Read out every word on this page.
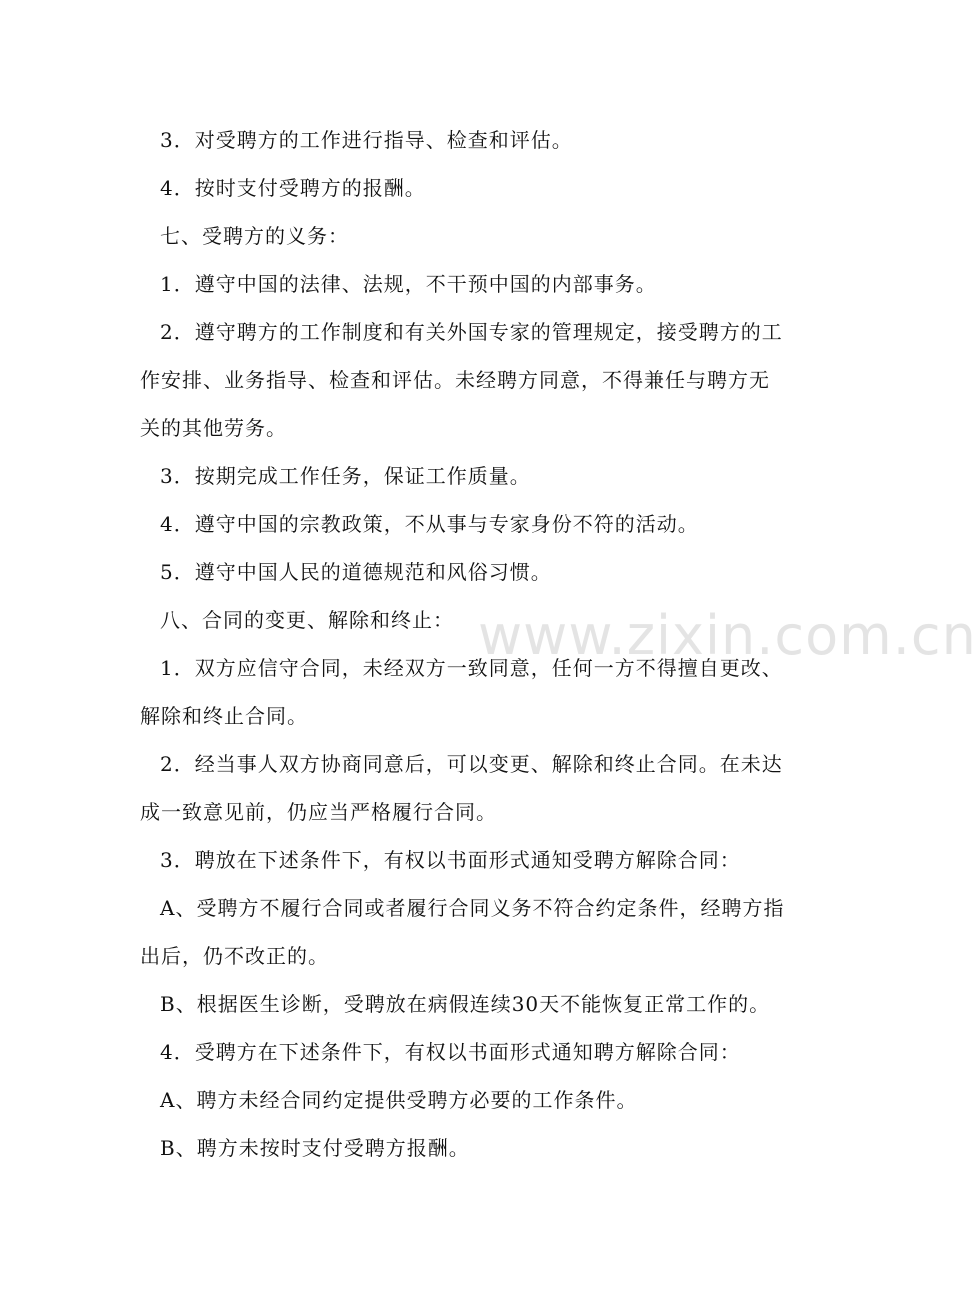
3．对受聘方的工作进行指导、检查和评估。

4．按时支付受聘方的报酬。

七、受聘方的义务：

1．遵守中国的法律、法规，不干预中国的内部事务。

2．遵守聘方的工作制度和有关外国专家的管理规定，接受聘方的工作安排、业务指导、检查和评估。未经聘方同意，不得兼任与聘方无关的其他劳务。

3．按期完成工作任务，保证工作质量。

4．遵守中国的宗教政策，不从事与专家身份不符的活动。

5．遵守中国人民的道德规范和风俗习惯。

八、合同的变更、解除和终止：

1．双方应信守合同，未经双方一致同意，任何一方不得擅自更改、解除和终止合同。

2．经当事人双方协商同意后，可以变更、解除和终止合同。在未达成一致意见前，仍应当严格履行合同。

3．聘放在下述条件下，有权以书面形式通知受聘方解除合同：

A、受聘方不履行合同或者履行合同义务不符合约定条件，经聘方指出后，仍不改正的。

B、根据医生诊断，受聘放在病假连续30天不能恢复正常工作的。

4．受聘方在下述条件下，有权以书面形式通知聘方解除合同：

A、聘方未经合同约定提供受聘方必要的工作条件。

B、聘方未按时支付受聘方报酬。

www.zixin.com.cn
